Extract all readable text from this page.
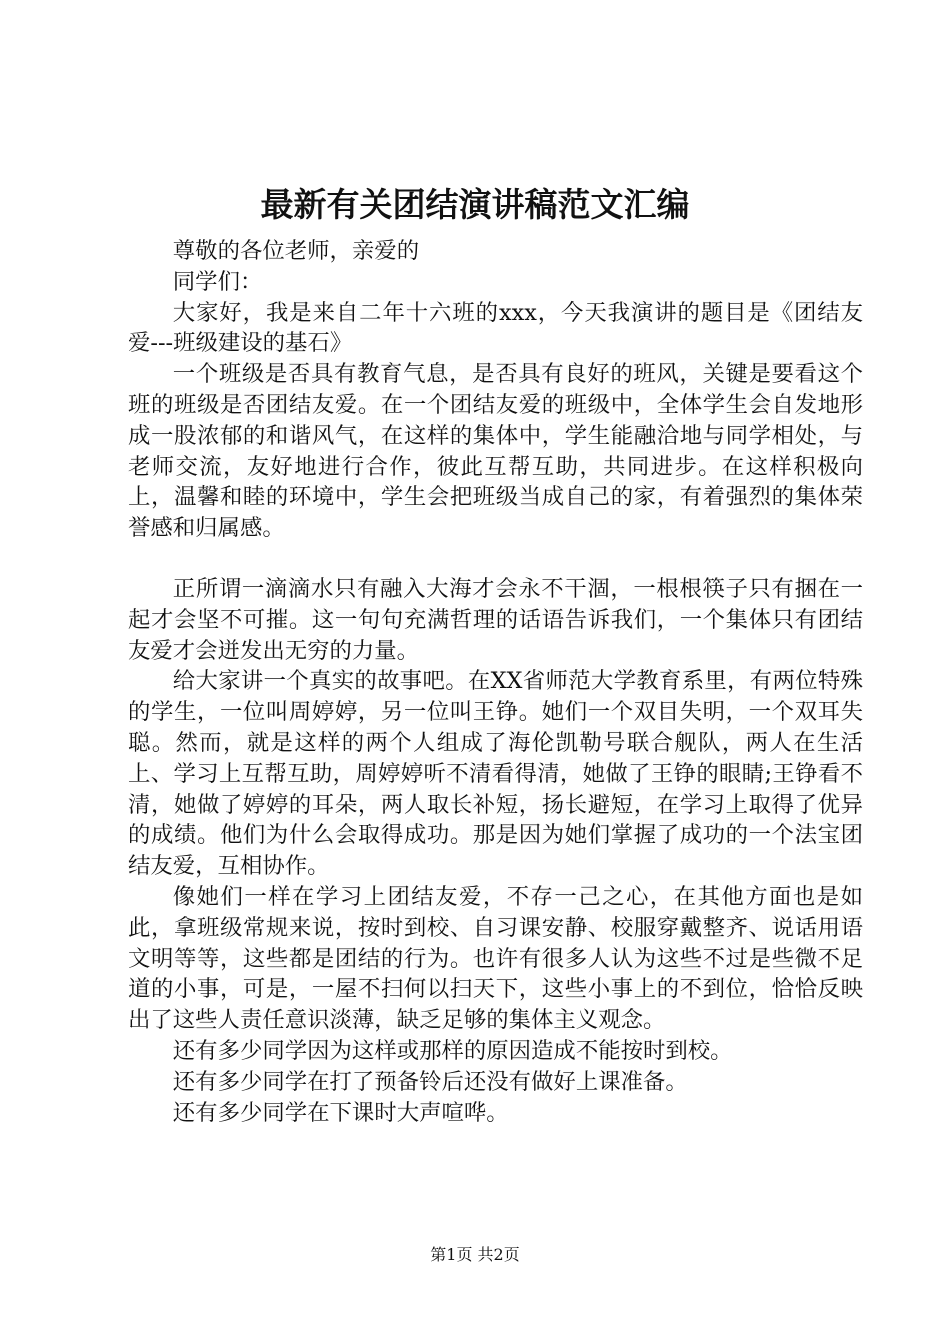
最新有关团结演讲稿范文汇编

尊敬的各位老师，亲爱的

同学们：

大家好，我是来自二年十六班的xxx，今天我演讲的题目是《团结友爱---班级建设的基石》

一个班级是否具有教育气息，是否具有良好的班风，关键是要看这个班的班级是否团结友爱。在一个团结友爱的班级中，全体学生会自发地形成一股浓郁的和谐风气，在这样的集体中，学生能融洽地与同学相处，与老师交流，友好地进行合作，彼此互帮互助，共同进步。在这样积极向上，温馨和睦的环境中，学生会把班级当成自己的家，有着强烈的集体荣誉感和归属感。

正所谓一滴滴水只有融入大海才会永不干涸，一根根筷子只有捆在一起才会坚不可摧。这一句句充满哲理的话语告诉我们，一个集体只有团结友爱才会迸发出无穷的力量。

给大家讲一个真实的故事吧。在XX省师范大学教育系里，有两位特殊的学生，一位叫周婷婷，另一位叫王铮。她们一个双目失明，一个双耳失聪。然而，就是这样的两个人组成了海伦凯勒号联合舰队，两人在生活上、学习上互帮互助，周婷婷听不清看得清，她做了王铮的眼睛;王铮看不清，她做了婷婷的耳朵，两人取长补短，扬长避短，在学习上取得了优异的成绩。他们为什么会取得成功。那是因为她们掌握了成功的一个法宝团结友爱，互相协作。

像她们一样在学习上团结友爱，不存一己之心，在其他方面也是如此，拿班级常规来说，按时到校、自习课安静、校服穿戴整齐、说话用语文明等等，这些都是团结的行为。也许有很多人认为这些不过是些微不足道的小事，可是，一屋不扫何以扫天下，这些小事上的不到位，恰恰反映出了这些人责任意识淡薄，缺乏足够的集体主义观念。

还有多少同学因为这样或那样的原因造成不能按时到校。

还有多少同学在打了预备铃后还没有做好上课准备。

还有多少同学在下课时大声喧哗。

第1页 共2页
